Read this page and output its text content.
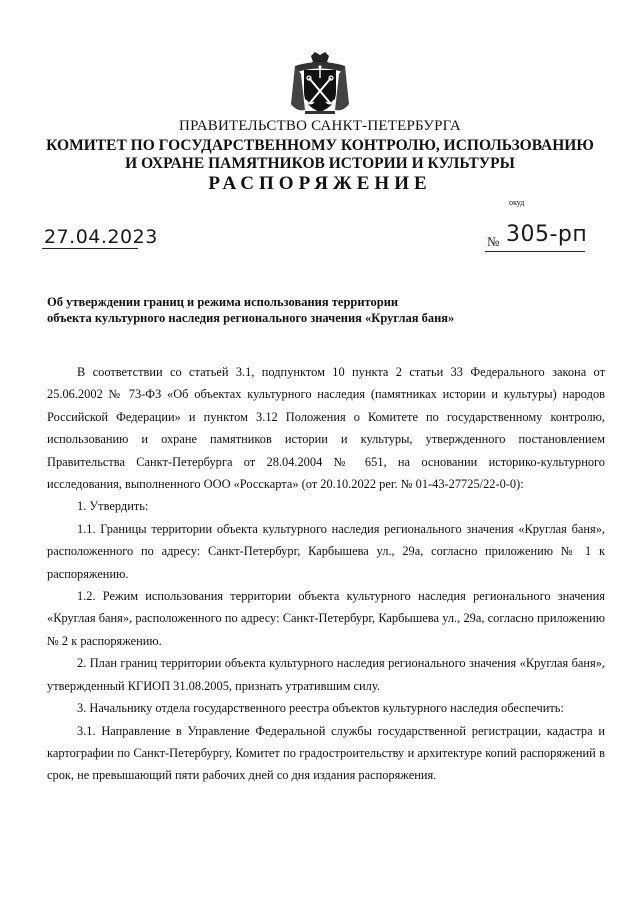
ПРАВИТЕЛЬСТВО САНКТ-ПЕТЕРБУРГА
КОМИТЕТ ПО ГОСУДАРСТВЕННОМУ КОНТРОЛЮ, ИСПОЛЬЗОВАНИЮ
И ОХРАНЕ ПАМЯТНИКОВ ИСТОРИИ И КУЛЬТУРЫ
РАСПОРЯЖЕНИЕ
окуд
27.04.2023	№ 305-рп
Об утверждении границ и режима использования территории
объекта культурного наследия регионального значения «Круглая баня»

В соответствии со статьей 3.1, подпунктом 10 пункта 2 статьи 33 Федерального закона от 25.06.2002 № 73-ФЗ «Об объектах культурного наследия (памятниках истории и культуры) народов Российской Федерации» и пунктом 3.12 Положения о Комитете по государственному контролю, использованию и охране памятников истории и культуры, утвержденного постановлением Правительства Санкт-Петербурга от 28.04.2004 № 651, на основании историко-культурного исследования, выполненного ООО «Росскарта» (от 20.10.2022 рег. № 01-43-27725/22-0-0):

1. Утвердить:

1.1. Границы территории объекта культурного наследия регионального значения «Круглая баня», расположенного по адресу: Санкт-Петербург, Карбышева ул., 29а, согласно приложению № 1 к распоряжению.

1.2. Режим использования территории объекта культурного наследия регионального значения «Круглая баня», расположенного по адресу: Санкт-Петербург, Карбышева ул., 29а, согласно приложению № 2 к распоряжению.

2. План границ территории объекта культурного наследия регионального значения «Круглая баня», утвержденный КГИОП 31.08.2005, признать утратившим силу.

3. Начальнику отдела государственного реестра объектов культурного наследия обеспечить:

3.1. Направление в Управление Федеральной службы государственной регистрации, кадастра и картографии по Санкт-Петербургу, Комитет по градостроительству и архитектуре копий распоряжений в срок, не превышающий пяти рабочих дней со дня издания распоряжения.
